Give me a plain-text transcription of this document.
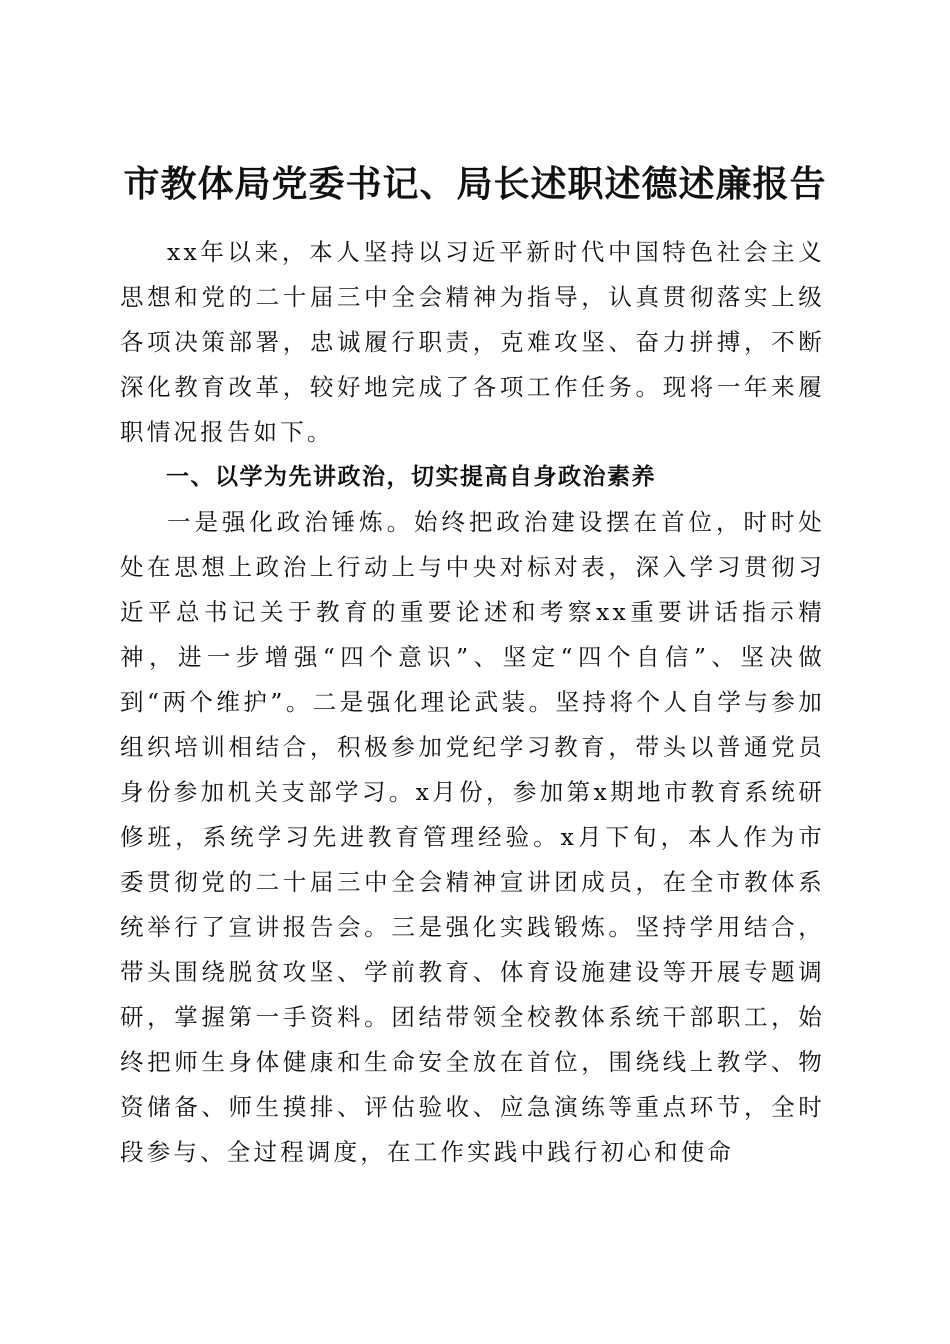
市教体局党委书记、局长述职述德述廉报告

xx年以来，本人坚持以习近平新时代中国特色社会主义思想和党的二十届三中全会精神为指导，认真贯彻落实上级各项决策部署，忠诚履行职责，克难攻坚、奋力拼搏，不断深化教育改革，较好地完成了各项工作任务。现将一年来履职情况报告如下。

一、以学为先讲政治，切实提高自身政治素养

一是强化政治锤炼。始终把政治建设摆在首位，时时处处在思想上政治上行动上与中央对标对表，深入学习贯彻习近平总书记关于教育的重要论述和考察xx重要讲话指示精神，进一步增强“四个意识”、坚定“四个自信”、坚决做到“两个维护”。二是强化理论武装。坚持将个人自学与参加组织培训相结合，积极参加党纪学习教育，带头以普通党员身份参加机关支部学习。x月份，参加第x期地市教育系统研修班，系统学习先进教育管理经验。x月下旬，本人作为市委贯彻党的二十届三中全会精神宣讲团成员，在全市教体系统举行了宣讲报告会。三是强化实践锻炼。坚持学用结合，带头围绕脱贫攻坚、学前教育、体育设施建设等开展专题调研，掌握第一手资料。团结带领全校教体系统干部职工，始终把师生身体健康和生命安全放在首位，围绕线上教学、物资储备、师生摸排、评估验收、应急演练等重点环节，全时段参与、全过程调度，在工作实践中践行初心和使命
